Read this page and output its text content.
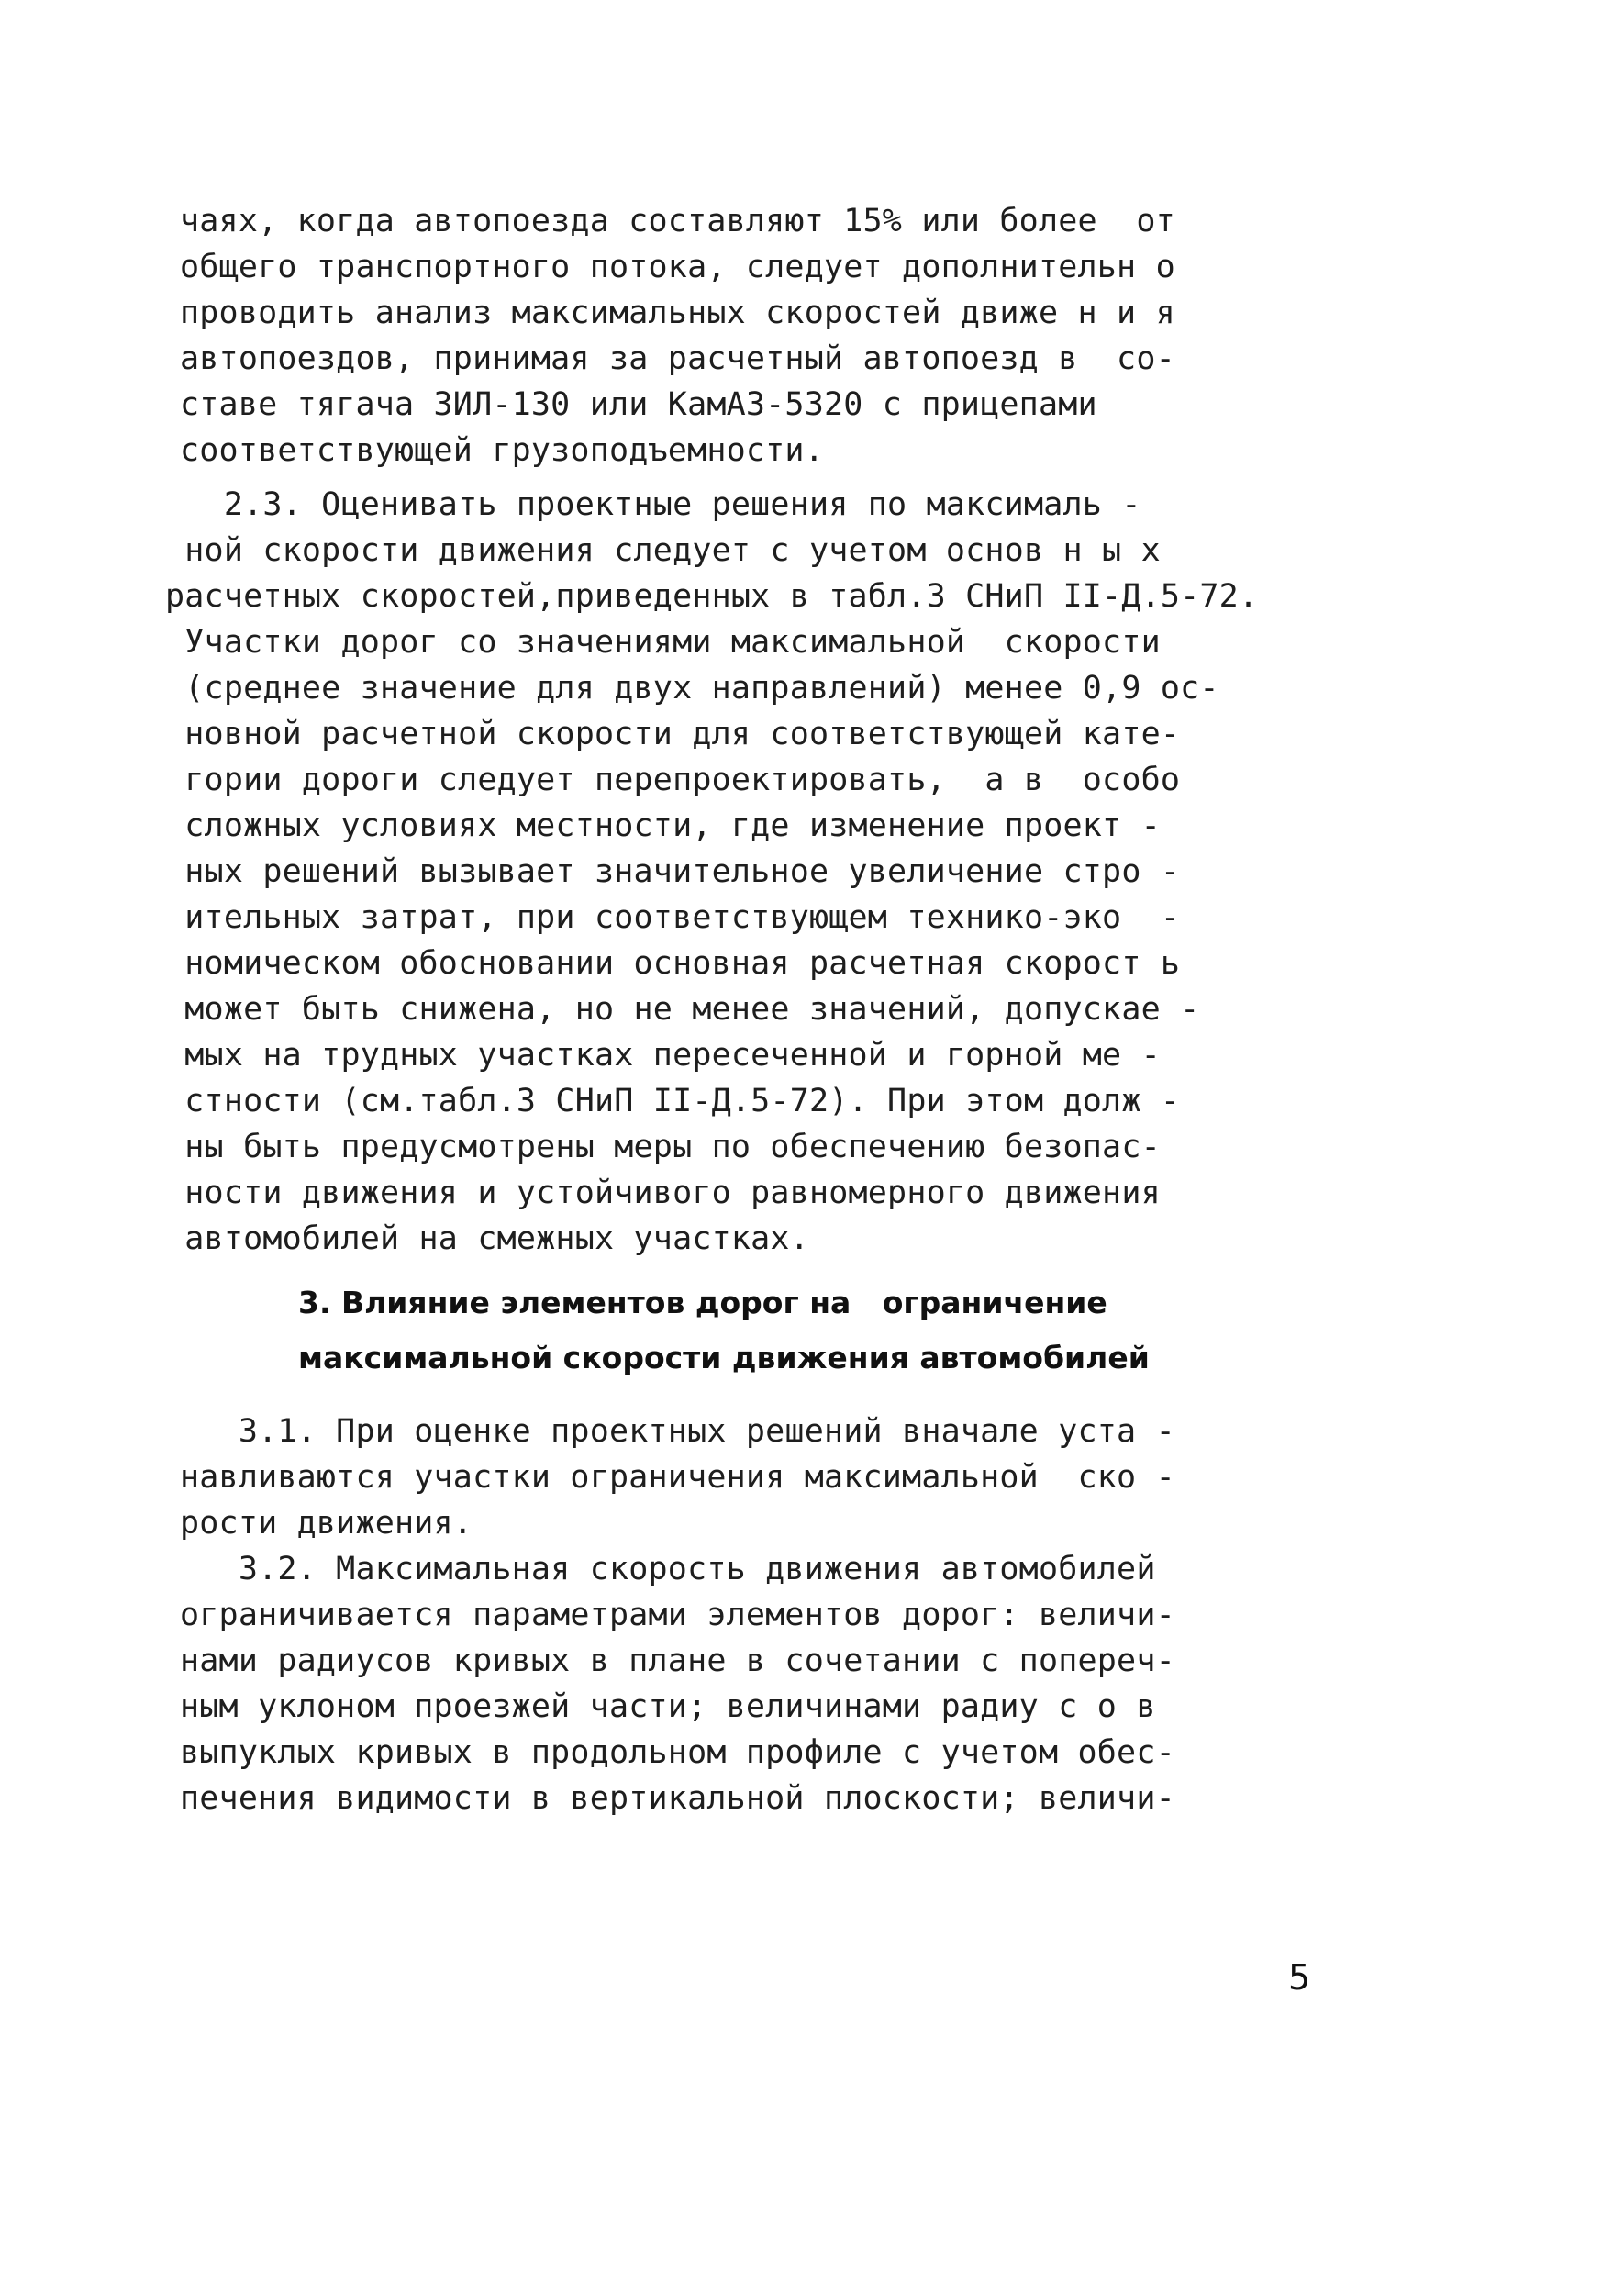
чаях, когда автопоезда составляют 15% или более  от
общего транспортного потока, следует дополнительн о
проводить анализ максимальных скоростей движе н и я
автопоездов, принимая за расчетный автопоезд в  со-
ставе тягача ЗИЛ-130 или КамАЗ-5320 с прицепами
соответствующей грузоподъемности.
2.3. Оценивать проектные решения по максималь -
ной скорости движения следует с учетом основ н ы х
расчетных скоростей,приведенных в табл.3 СНиП II-Д.5-72.
Участки дорог со значениями максимальной  скорости
(среднее значение для двух направлений) менее 0,9 ос-
новной расчетной скорости для соответствующей кате-
гории дороги следует перепроектировать,  а в  особо
сложных условиях местности, где изменение проект -
ных решений вызывает значительное увеличение стро -
ительных затрат, при соответствующем технико-эко  -
номическом обосновании основная расчетная скорост ь
может быть снижена, но не менее значений, допускае -
мых на трудных участках пересеченной и горной ме -
стности (см.табл.3 СНиП II-Д.5-72). При этом долж -
ны быть предусмотрены меры по обеспечению безопас-
ности движения и устойчивого равномерного движения
автомобилей на смежных участках.
3. Влияние элементов дорог на   ограничение
максимальной скорости движения автомобилей
3.1. При оценке проектных решений вначале уста -
навливаются участки ограничения максимальной  ско -
рости движения.
3.2. Максимальная скорость движения автомобилей
ограничивается параметрами элементов дорог: величи-
нами радиусов кривых в плане в сочетании с попереч-
ным уклоном проезжей части; величинами радиу с о в
выпуклых кривых в продольном профиле с учетом обес-
печения видимости в вертикальной плоскости; величи-
5
